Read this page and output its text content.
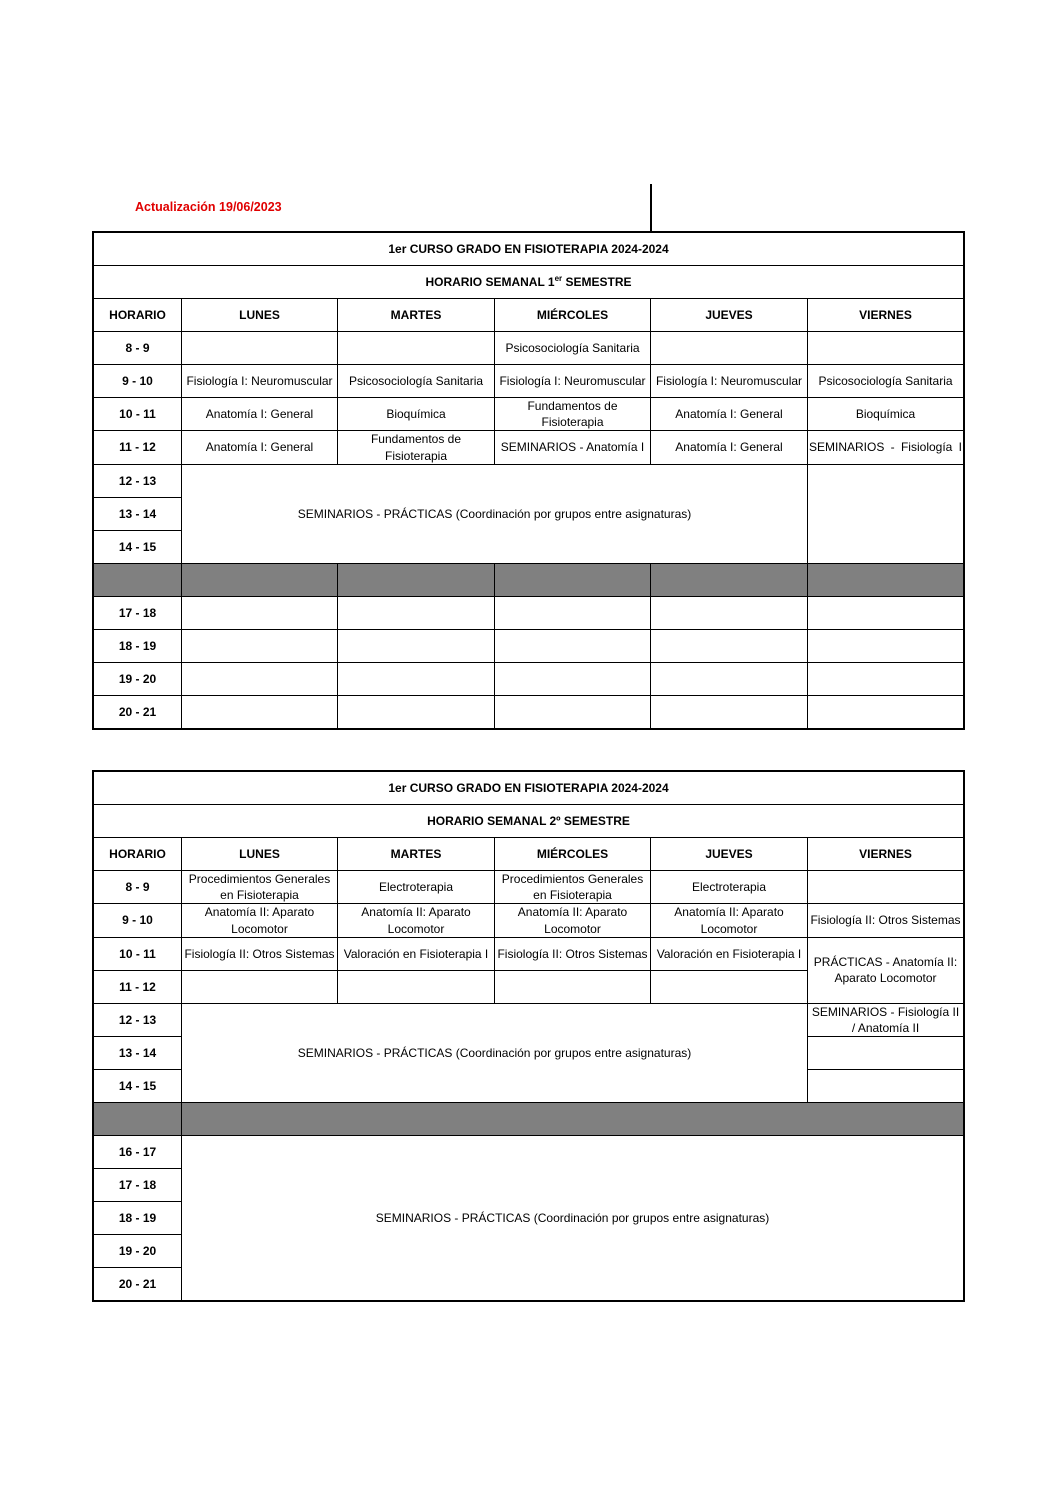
Actualización 19/06/2023
1er CURSO GRADO EN FISIOTERAPIA 2024-2024					
HORARIO SEMANAL 1er SEMESTRE					
HORARIO	LUNES	MARTES	MIÉRCOLES	JUEVES	VIERNES
8 - 9			Psicosociología Sanitaria		
9 - 10	Fisiología I: Neuromuscular	Psicosociología Sanitaria	Fisiología I: Neuromuscular	Fisiología I: Neuromuscular	Psicosociología Sanitaria
10 - 11	Anatomía I: General	Bioquímica	Fundamentos de Fisioterapia	Anatomía I: General	Bioquímica
11 - 12	Anatomía I: General	Fundamentos de Fisioterapia	SEMINARIOS - Anatomía I	Anatomía I: General	SEMINARIOS - Fisiología I
12 - 13	SEMINARIOS - PRÁCTICAS (Coordinación por grupos entre asignaturas)				
13 - 14					
14 - 15					

17 - 18					
18 - 19					
19 - 20					
20 - 21					
1er CURSO GRADO EN FISIOTERAPIA 2024-2024					
HORARIO SEMANAL 2º SEMESTRE					
HORARIO	LUNES	MARTES	MIÉRCOLES	JUEVES	VIERNES
8 - 9	Procedimientos Generales en Fisioterapia	Electroterapia	Procedimientos Generales en Fisioterapia	Electroterapia	
9 - 10	Anatomía II: Aparato Locomotor	Anatomía II: Aparato Locomotor	Anatomía II: Aparato Locomotor	Anatomía II: Aparato Locomotor	Fisiología II: Otros Sistemas
10 - 11	Fisiología II: Otros Sistemas	Valoración en Fisioterapia I	Fisiología II: Otros Sistemas	Valoración en Fisioterapia I	PRÁCTICAS - Anatomía II: Aparato Locomotor
11 - 12					
12 - 13	SEMINARIOS - PRÁCTICAS (Coordinación por grupos entre asignaturas)				SEMINARIOS - Fisiología II / Anatomía II
13 - 14					
14 - 15					

16 - 17	SEMINARIOS - PRÁCTICAS (Coordinación por grupos entre asignaturas)				
17 - 18					
18 - 19					
19 - 20					
20 - 21					
